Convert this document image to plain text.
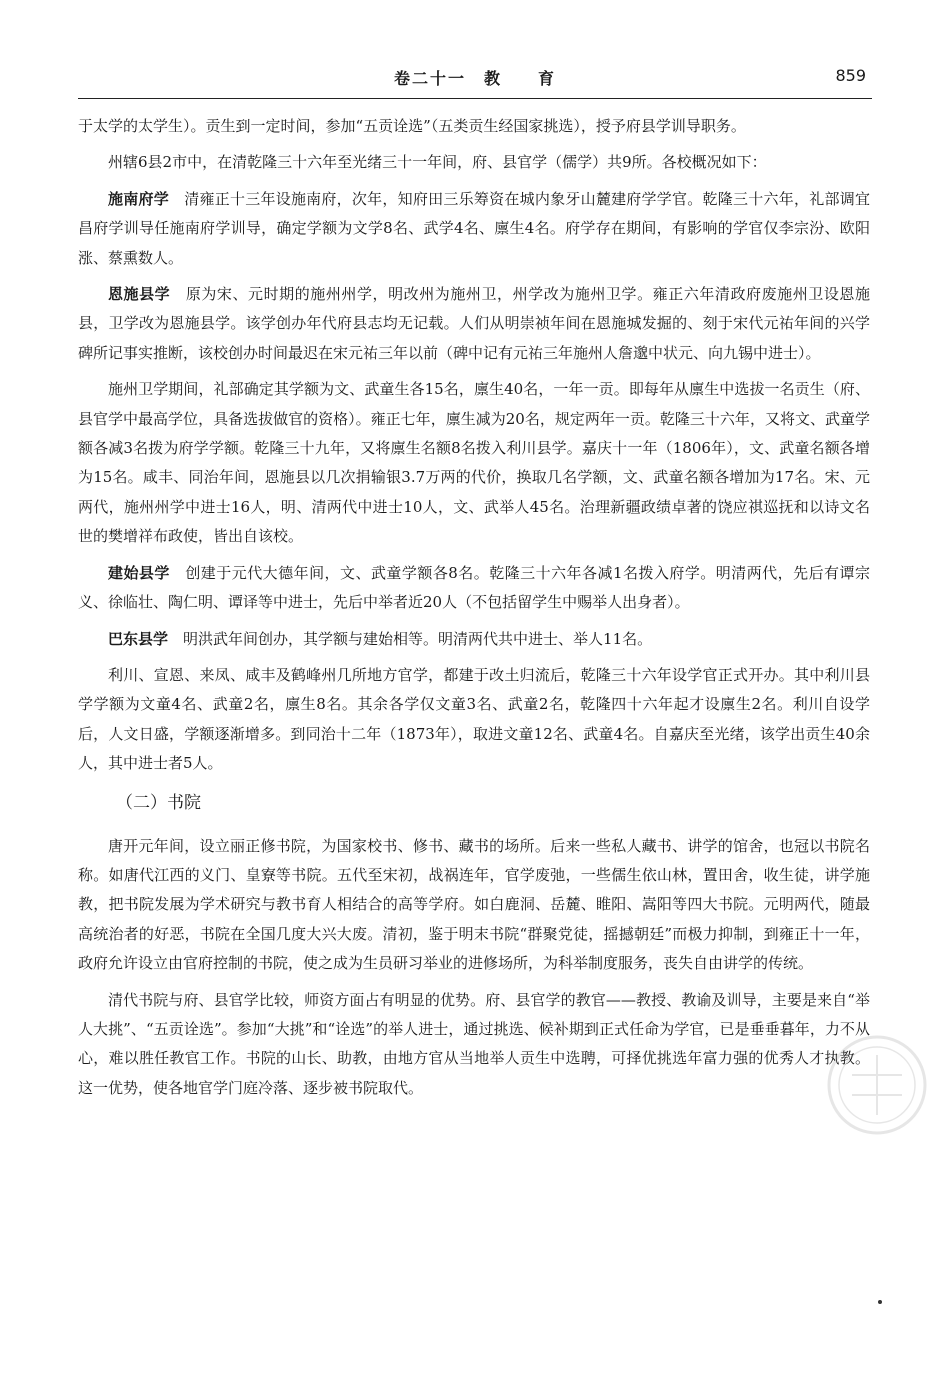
卷二十一　教　　育	859

于太学的太学生）。贡生到一定时间，参加“五贡诠选”（五类贡生经国家挑选），授予府县学训导职务。

州辖6县2市中，在清乾隆三十六年至光绪三十一年间，府、县官学（儒学）共9所。各校概况如下：

施南府学　 清雍正十三年设施南府，次年，知府田三乐筹资在城内象牙山麓建府学学官。乾隆三十六年，礼部调宜昌府学训导任施南府学训导，确定学额为文学8名、武学4名、廪生4名。府学存在期间，有影响的学官仅李宗汾、欧阳涨、蔡熏数人。

恩施县学　 原为宋、元时期的施州州学，明改州为施州卫，州学改为施州卫学。雍正六年清政府废施州卫设恩施县，卫学改为恩施县学。该学创办年代府县志均无记载。人们从明崇祯年间在恩施城发掘的、刻于宋代元祐年间的兴学碑所记事实推断，该校创办时间最迟在宋元祐三年以前（碑中记有元祐三年施州人詹邈中状元、向九锡中进士）。

施州卫学期间，礼部确定其学额为文、武童生各15名，廪生40名，一年一贡。即每年从廪生中选拔一名贡生（府、县官学中最高学位，具备选拔做官的资格）。雍正七年，廪生减为20名，规定两年一贡。乾隆三十六年，又将文、武童学额各减3名拨为府学学额。乾隆三十九年，又将廪生名额8名拨入利川县学。嘉庆十一年（1806年），文、武童名额各增为15名。咸丰、同治年间，恩施县以几次捐输银3.7万两的代价，换取几名学额，文、武童名额各增加为17名。宋、元两代，施州州学中进士16人，明、清两代中进士10人，文、武举人45名。治理新疆政绩卓著的饶应祺巡抚和以诗文名世的樊增祥布政使，皆出自该校。

建始县学　 创建于元代大德年间，文、武童学额各8名。乾隆三十六年各减1名拨入府学。明清两代，先后有谭宗义、徐临壮、陶仁明、谭译等中进士，先后中举者近20人（不包括留学生中赐举人出身者）。

巴东县学　 明洪武年间创办，其学额与建始相等。明清两代共中进士、举人11名。

利川、宣恩、来凤、咸丰及鹤峰州几所地方官学，都建于改土归流后，乾隆三十六年设学官正式开办。其中利川县学学额为文童4名、武童2名，廪生8名。其余各学仅文童3名、武童2名，乾隆四十六年起才设廪生2名。利川自设学后，人文日盛，学额逐渐增多。到同治十二年（1873年），取进文童12名、武童4名。自嘉庆至光绪，该学出贡生40余人，其中进士者5人。

（二）书院

唐开元年间，设立丽正修书院，为国家校书、修书、藏书的场所。后来一些私人藏书、讲学的馆舍，也冠以书院名称。如唐代江西的义门、皇寮等书院。五代至宋初，战祸连年，官学废弛，一些儒生依山林，置田舍，收生徒，讲学施教，把书院发展为学术研究与教书育人相结合的高等学府。如白鹿洞、岳麓、睢阳、嵩阳等四大书院。元明两代，随最高统治者的好恶，书院在全国几度大兴大废。清初，鉴于明末书院“群聚党徒，摇撼朝廷”而极力抑制，到雍正十一年，政府允许设立由官府控制的书院，使之成为生员研习举业的进修场所，为科举制度服务，丧失自由讲学的传统。

清代书院与府、县官学比较，师资方面占有明显的优势。府、县官学的教官——教授、教谕及训导，主要是来自“举人大挑”、“五贡诠选”。参加“大挑”和“诠选”的举人进士，通过挑选、候补期到正式任命为学官，已是垂垂暮年，力不从心，难以胜任教官工作。书院的山长、助教，由地方官从当地举人贡生中选聘，可择优挑选年富力强的优秀人才执教。这一优势，使各地官学门庭冷落、逐步被书院取代。
